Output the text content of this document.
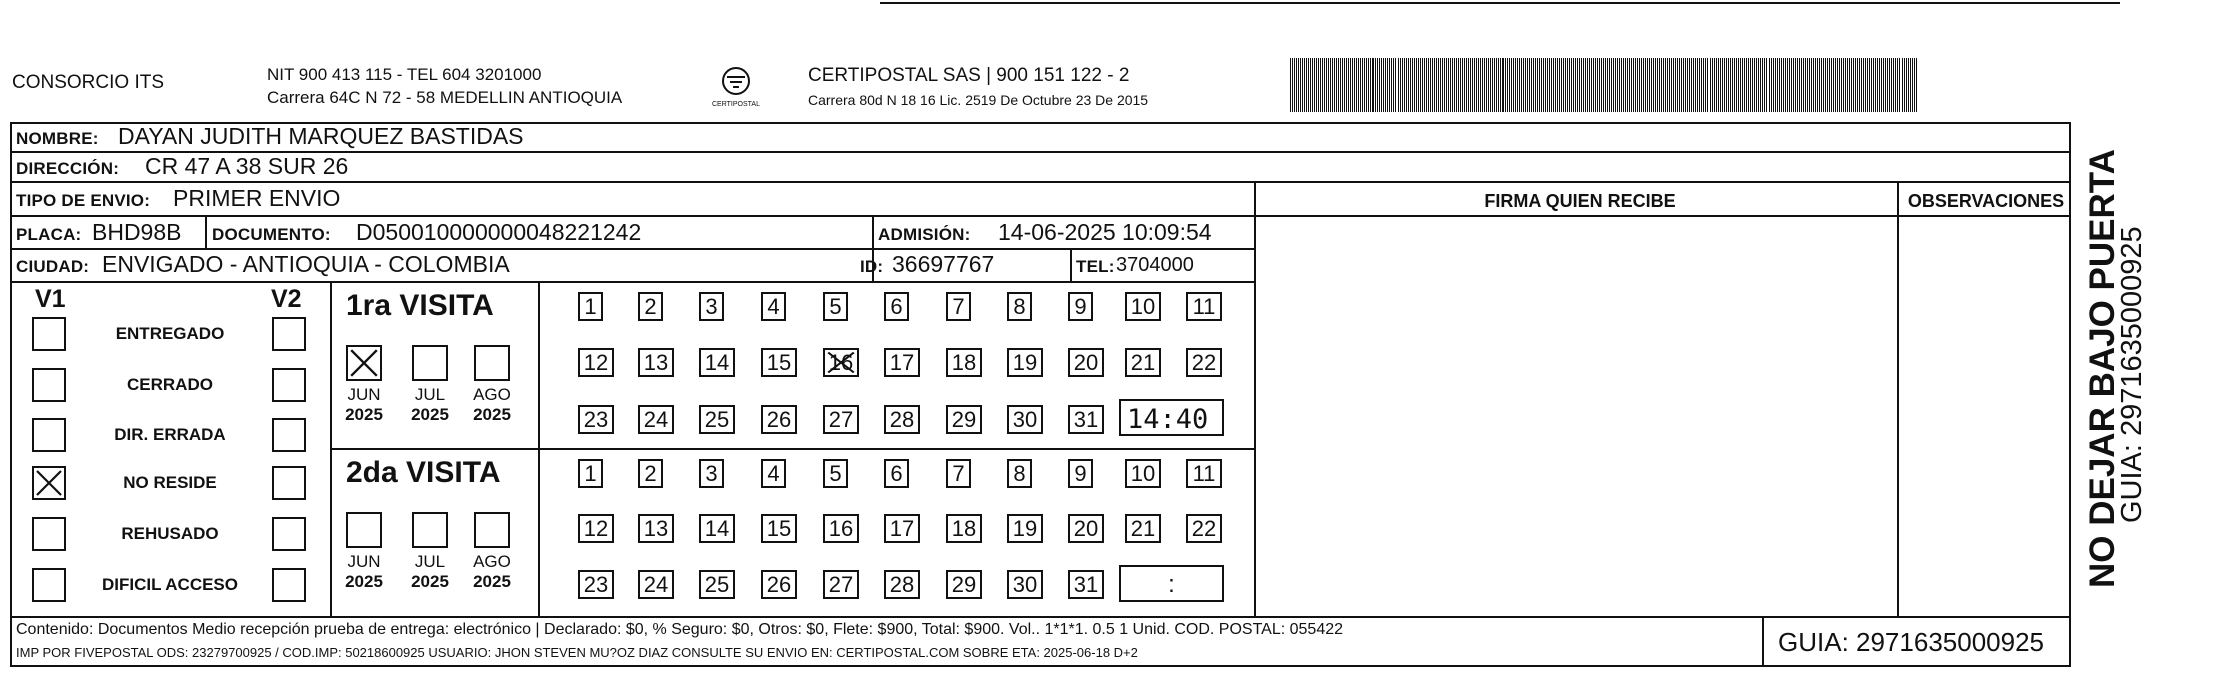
CONSORCIO ITS	NIT 900 413 115 - TEL 604 3201000
Carrera 64C N 72 - 58 MEDELLIN ANTIOQUIA	CERTIPOSTAL
CERTIPOSTAL SAS | 900 151 122 - 2
Carrera 80d N 18 16 Lic. 2519 De Octubre 23 De 2015
NOMBRE: DAYAN JUDITH MARQUEZ BASTIDAS
DIRECCIÓN: CR 47 A 38 SUR 26
TIPO DE ENVIO: PRIMER ENVIO	FIRMA QUIEN RECIBE	OBSERVACIONES
PLACA: BHD98B DOCUMENTO: D050010000000048221242	ADMISIÓN: 14-06-2025 10:09:54
CIUDAD: ENVIGADO - ANTIOQUIA - COLOMBIA	ID: 36697767	TEL: 3704000
V1	V2
ENTREGADO
CERRADO
DIR. ERRADA
NO RESIDE
REHUSADO
DIFICIL ACCESO
1ra VISITA
JUN
2025
JUL
2025
AGO
2025
1 2 3 4 5 6 7 8 9 10 11
12 13 14 15 16 17 18 19 20 21 22
23 24 25 26 27 28 29 30 31 14:40
2da VISITA
JUN
2025
JUL
2025
AGO
2025
1 2 3 4 5 6 7 8 9 10 11
12 13 14 15 16 17 18 19 20 21 22
23 24 25 26 27 28 29 30 31	:
Contenido: Documentos Medio recepción prueba de entrega: electrónico | Declarado: $0, % Seguro: $0, Otros: $0, Flete: $900, Total: $900. Vol.. 1*1*1. 0.5 1 Unid. COD. POSTAL: 055422
IMP POR FIVEPOSTAL ODS: 23279700925 / COD.IMP: 50218600925 USUARIO: JHON STEVEN MU?OZ DIAZ CONSULTE SU ENVIO EN: CERTIPOSTAL.COM SOBRE ETA: 2025-06-18 D+2	GUIA: 2971635000925
NO DEJAR BAJO PUERTA
GUIA: 2971635000925
